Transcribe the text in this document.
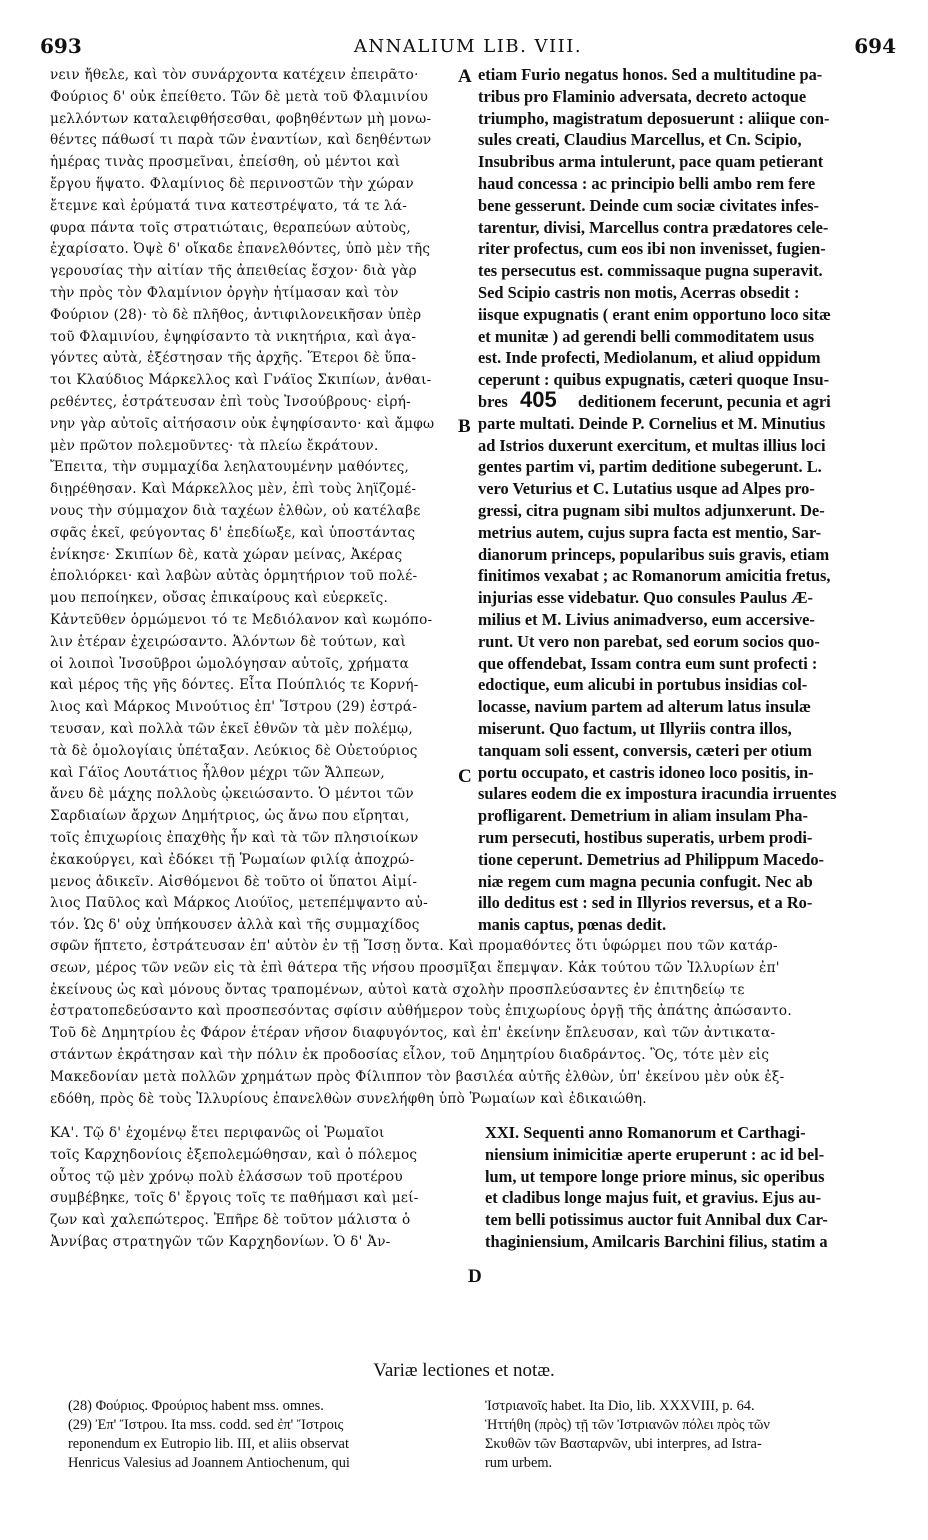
693	ANNALIUM LIB. VIII.	694
A
B
C
D
νειν ἤθελε, καὶ τὸν συνάρχοντα κατέχειν ἐπειρᾶτο·
Φούριος δ' οὐκ ἐπείθετο. Τῶν δὲ μετὰ τοῦ Φλαμινίου
μελλόντων καταλειφθήσεσθαι, φοβηθέντων μὴ μονω-
θέντες πάθωσί τι παρὰ τῶν ἐναντίων, καὶ δεηθέντων
ἡμέρας τινὰς προσμεῖναι, ἐπείσθη, οὐ μέντοι καὶ
ἔργου ἥψατο. Φλαμίνιος δὲ περινοστῶν τὴν χώραν
ἔτεμνε καὶ ἐρύματά τινα κατεστρέψατο, τά τε λά-
φυρα πάντα τοῖς στρατιώταις, θεραπεύων αὐτοὺς,
ἐχαρίσατο. Ὀψὲ δ' οἴκαδε ἐπανελθόντες, ὑπὸ μὲν τῆς
γερουσίας τὴν αἰτίαν τῆς ἀπειθείας ἔσχον· διὰ γὰρ
τὴν πρὸς τὸν Φλαμίνιον ὀργὴν ἠτίμασαν καὶ τὸν
Φούριον (28)· τὸ δὲ πλῆθος, ἀντιφιλονεικῆσαν ὑπὲρ
τοῦ Φλαμινίου, ἐψηφίσαντο τὰ νικητήρια, καὶ ἀγα-
γόντες αὐτὰ, ἐξέστησαν τῆς ἀρχῆς. Ἕτεροι δὲ ὕπα-
τοι Κλαύδιος Μάρκελλος καὶ Γνάϊος Σκιπίων, ἀνθαι-
ρεθέντες, ἐστράτευσαν ἐπὶ τοὺς Ἰνσούβρους· εἰρή-
νην γὰρ αὐτοῖς αἰτήσασιν οὐκ ἐψηφίσαντο· καὶ ἄμφω
μὲν πρῶτον πολεμοῦντες· τὰ πλείω ἔκράτουν.
Ἔπειτα, τὴν συμμαχίδα λεηλατουμένην μαθόντες,
διῃρέθησαν. Καὶ Μάρκελλος μὲν, ἐπὶ τοὺς ληϊζομέ-
νους τὴν σύμμαχον διὰ ταχέων ἐλθὼν, οὐ κατέλαβε
σφᾶς ἐκεῖ, φεύγοντας δ' ἐπεδίωξε, καὶ ὑποστάντας
ἐνίκησε· Σκιπίων δὲ, κατὰ χώραν μείνας, Ἀκέρας
ἐπολιόρκει· καὶ λαβὼν αὐτὰς ὁρμητήριον τοῦ πολέ-
μου πεποίηκεν, οὔσας ἐπικαίρους καὶ εὐερκεῖς.
Κἀντεῦθεν ὁρμώμενοι τό τε Μεδιόλανον καὶ κωμόπο-
λιν ἑτέραν ἐχειρώσαντο. Ἁλόντων δὲ τούτων, καὶ
οἱ λοιποὶ Ἰνσοῦβροι ὡμολόγησαν αὐτοῖς, χρήματα
καὶ μέρος τῆς γῆς δόντες. Εἶτα Πούπλιός τε Κορνή-
λιος καὶ Μάρκος Μινούτιος ἐπ' Ἴστρου (29) ἐστρά-
τευσαν, καὶ πολλὰ τῶν ἐκεῖ ἐθνῶν τὰ μὲν πολέμῳ,
τὰ δὲ ὁμολογίαις ὑπέταξαν. Λεύκιος δὲ Οὐετούριος
καὶ Γάϊος Λουτάτιος ἦλθον μέχρι τῶν Ἄλπεων,
ἄνευ δὲ μάχης πολλοὺς ᾠκειώσαντο. Ὁ μέντοι τῶν
Σαρδιαίων ἄρχων Δημήτριος, ὡς ἄνω που εἴρηται,
τοῖς ἐπιχωρίοις ἐπαχθὴς ἦν καὶ τὰ τῶν πλησιοίκων
ἐκακούργει, καὶ ἐδόκει τῇ Ῥωμαίων φιλίᾳ ἀποχρώ-
μενος ἀδικεῖν. Αἰσθόμενοι δὲ τοῦτο οἱ ὕπατοι Αἰμί-
λιος Παῦλος καὶ Μάρκος Λιούϊος, μετεπέμψαντο αὐ-
τόν. Ὡς δ' οὐχ ὑπήκουσεν ἀλλὰ καὶ τῆς συμμαχίδος
etiam Furio negatus honos. Sed a multitudine pa-
tribus pro Flaminio adversata, decreto actoque
triumpho, magistratum deposuerunt : aliique con-
sules creati, Claudius Marcellus, et Cn. Scipio,
Insubribus arma intulerunt, pace quam petierant
haud concessa : ac principio belli ambo rem fere
bene gesserunt. Deinde cum sociæ civitates infes-
tarentur, divisi, Marcellus contra prædatores cele-
riter profectus, cum eos ibi non invenisset, fugien-
tes persecutus est. commissaque pugna superavit.
Sed Scipio castris non motis, Acerras obsedit :
iisque expugnatis ( erant enim opportuno loco sitæ
et munitæ ) ad gerendi belli commoditatem usus
est. Inde profecti, Mediolanum, et aliud oppidum
ceperunt : quibus expugnatis, cæteri quoque Insu-
parte multati. Deinde P. Cornelius et M. Minutius
ad Istrios duxerunt exercitum, et multas illius loci
gentes partim vi, partim deditione subegerunt. L.
vero Veturius et C. Lutatius usque ad Alpes pro-
gressi, citra pugnam sibi multos adjunxerunt. De-
metrius autem, cujus supra facta est mentio, Sar-
dianorum princeps, popularibus suis gravis, etiam
finitimos vexabat ; ac Romanorum amicitia fretus,
injurias esse videbatur. Quo consules Paulus Æ-
milius et M. Livius animadverso, eum accersive-
runt. Ut vero non parebat, sed eorum socios quo-
que offendebat, Issam contra eum sunt profecti :
edoctique, eum alicubi in portubus insidias col-
locasse, navium partem ad alterum latus insulæ
miserunt. Quo factum, ut Illyriis contra illos,
tanquam soli essent, conversis, cæteri per otium
portu occupato, et castris idoneo loco positis, in-
sulares eodem die ex impostura iracundia irruentes
profligarent. Demetrium in aliam insulam Pha-
rum persecuti, hostibus superatis, urbem prodi-
tione ceperunt. Demetrius ad Philippum Macedo-
niæ regem cum magna pecunia confugit. Nec ab
illo deditus est : sed in Illyrios reversus, et a Ro-
manis captus, pœnas dedit.
bres 405	deditionem fecerunt, pecunia et agri
σφῶν ἥπτετο, ἐστράτευσαν ἐπ' αὐτὸν ἐν τῇ Ἴσσῃ ὄντα. Καὶ προμαθόντες ὅτι ὑφώρμει που τῶν κατάρ-
σεων, μέρος τῶν νεῶν εἰς τὰ ἐπὶ θάτερα τῆς νήσου προσμῖξαι ἔπεμψαν. Κἀκ τούτου τῶν Ἰλλυρίων ἐπ'
ἐκείνους ὡς καὶ μόνους ὄντας τραπομένων, αὐτοὶ κατὰ σχολὴν προσπλεύσαντες ἐν ἐπιτηδείῳ τε
ἐστρατοπεδεύσαντο καὶ προσπεσόντας σφίσιν αὐθήμερον τοὺς ἐπιχωρίους ὀργῇ τῆς ἀπάτης ἀπώσαντο.
Τοῦ δὲ Δημητρίου ἐς Φάρον ἑτέραν νῆσον διαφυγόντος, καὶ ἐπ' ἐκείνην ἔπλευσαν, καὶ τῶν ἀντικατα-
στάντων ἐκράτησαν καὶ τὴν πόλιν ἐκ προδοσίας εἷλον, τοῦ Δημητρίου διαδράντος. Ὃς, τότε μὲν εἰς
Μακεδονίαν μετὰ πολλῶν χρημάτων πρὸς Φίλιππον τὸν βασιλέα αὐτῆς ἐλθὼν, ὑπ' ἐκείνου μὲν οὐκ ἐξ-
εδόθη, πρὸς δὲ τοὺς Ἰλλυρίους ἐπανελθὼν συνελήφθη ὑπὸ Ῥωμαίων καὶ ἐδικαιώθη.
ΚΑ'. Τῷ δ' ἐχομένῳ ἔτει περιφανῶς οἱ Ῥωμαῖοι
τοῖς Καρχηδονίοις ἐξεπολεμώθησαν, καὶ ὁ πόλεμος
οὗτος τῷ μὲν χρόνῳ πολὺ ἐλάσσων τοῦ προτέρου
συμβέβηκε, τοῖς δ' ἔργοις τοῖς τε παθήμασι καὶ μεί-
ζων καὶ χαλεπώτερος. Ἐπῆρε δὲ τοῦτον μάλιστα ὁ
Ἀννίβας στρατηγῶν τῶν Καρχηδονίων. Ὁ δ' Ἀν-
XXI. Sequenti anno Romanorum et Carthagi-
niensium inimicitiæ aperte eruperunt : ac id bel-
lum, ut tempore longe priore minus, sic operibus
et cladibus longe majus fuit, et gravius. Ejus au-
tem belli potissimus auctor fuit Annibal dux Car-
thaginiensium, Amilcaris Barchini filius, statim a
(28) Φούριος. Φρούριος habent mss. omnes.
(29) Ἐπ' Ἴστρου. Ita mss. codd. sed ἐπ' Ἴστροις
reponendum ex Eutropio lib. III, et aliis observat
Henricus Valesius ad Joannem Antiochenum, qui
Ἰστριανοῖς habet. Ita Dio, lib. XXXVIII, p. 64.
Ἡττήθη (πρὸς) τῇ τῶν Ἰστριανῶν πόλει πρὸς τῶν
Σκυθῶν τῶν Βασταρνῶν, ubi interpres, ad Istra-
rum urbem.
Variæ lectiones et notæ.
